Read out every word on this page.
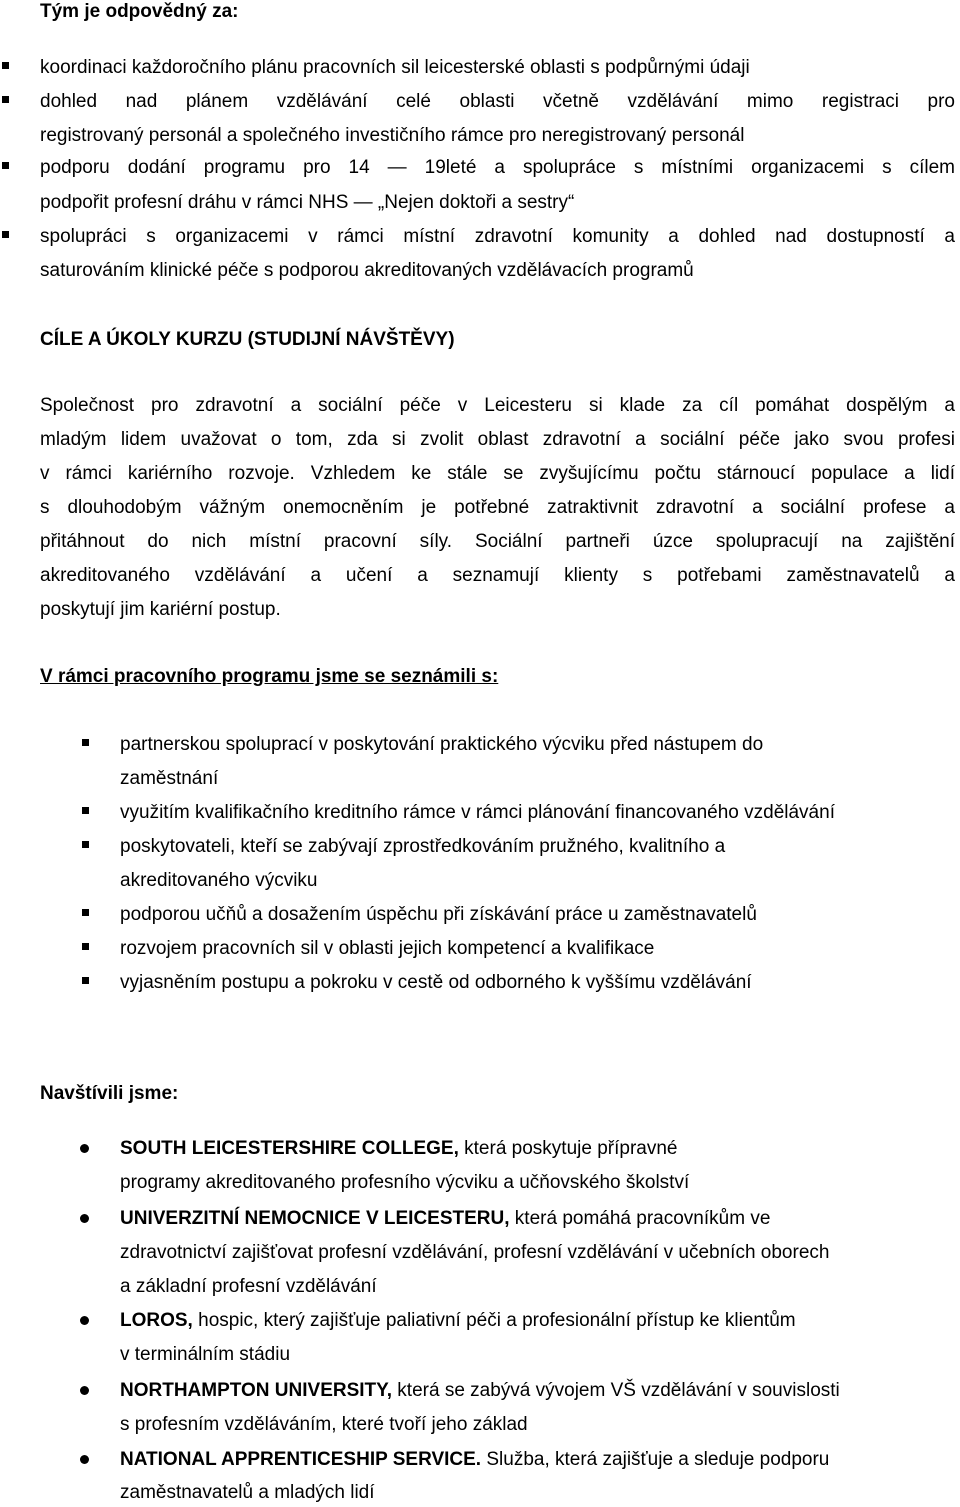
Tým je odpovědný za:
koordinaci každoročního plánu pracovních sil leicesterské oblasti s podpůrnými údaji
dohled nad plánem vzdělávání celé oblasti včetně vzdělávání mimo registraci pro
registrovaný personál a společného investičního rámce pro neregistrovaný personál
podporu dodání programu pro 14 — 19leté a spolupráce s místními organizacemi s cílem
podpořit profesní dráhu v rámci NHS — „Nejen doktoři a sestry“
spolupráci s organizacemi v rámci místní zdravotní komunity a dohled nad dostupností a
saturováním klinické péče s podporou akreditovaných vzdělávacích programů
CÍLE A ÚKOLY KURZU (STUDIJNÍ NÁVŠTĚVY)
Společnost pro zdravotní a sociální péče v Leicesteru si klade za cíl pomáhat dospělým a
mladým lidem uvažovat o tom, zda si zvolit oblast zdravotní a sociální péče jako svou profesi
v rámci kariérního rozvoje. Vzhledem ke stále se zvyšujícímu počtu stárnoucí populace a lidí
s dlouhodobým vážným onemocněním je potřebné zatraktivnit zdravotní a sociální profese a
přitáhnout do nich místní pracovní síly. Sociální partneři úzce spolupracují na zajištění
akreditovaného vzdělávání a učení a seznamují klienty s potřebami zaměstnavatelů a
poskytují jim kariérní postup.
V rámci pracovního programu jsme se seznámili s:
partnerskou spoluprací v poskytování praktického výcviku před nástupem do
zaměstnání
využitím kvalifikačního kreditního rámce v rámci plánování financovaného vzdělávání
poskytovateli, kteří se zabývají zprostředkováním pružného, kvalitního a
akreditovaného výcviku
podporou učňů a dosažením úspěchu při získávání práce u zaměstnavatelů
rozvojem pracovních sil v oblasti jejich kompetencí a kvalifikace
vyjasněním postupu a pokroku v cestě od odborného k vyššímu vzdělávání
Navštívili jsme:
SOUTH LEICESTERSHIRE COLLEGE, která poskytuje přípravné
programy akreditovaného profesního výcviku a učňovského školství
UNIVERZITNÍ NEMOCNICE V LEICESTERU, která pomáhá pracovníkům ve
zdravotnictví zajišťovat profesní vzdělávání, profesní vzdělávání v učebních oborech
a základní profesní vzdělávání
LOROS, hospic, který zajišťuje paliativní péči a profesionální přístup ke klientům
v terminálním stádiu
NORTHAMPTON UNIVERSITY, která se zabývá vývojem VŠ vzdělávání v souvislosti
s profesním vzděláváním, které tvoří jeho základ
NATIONAL APPRENTICESHIP SERVICE. Služba, která zajišťuje a sleduje podporu
zaměstnavatelů a mladých lidí
